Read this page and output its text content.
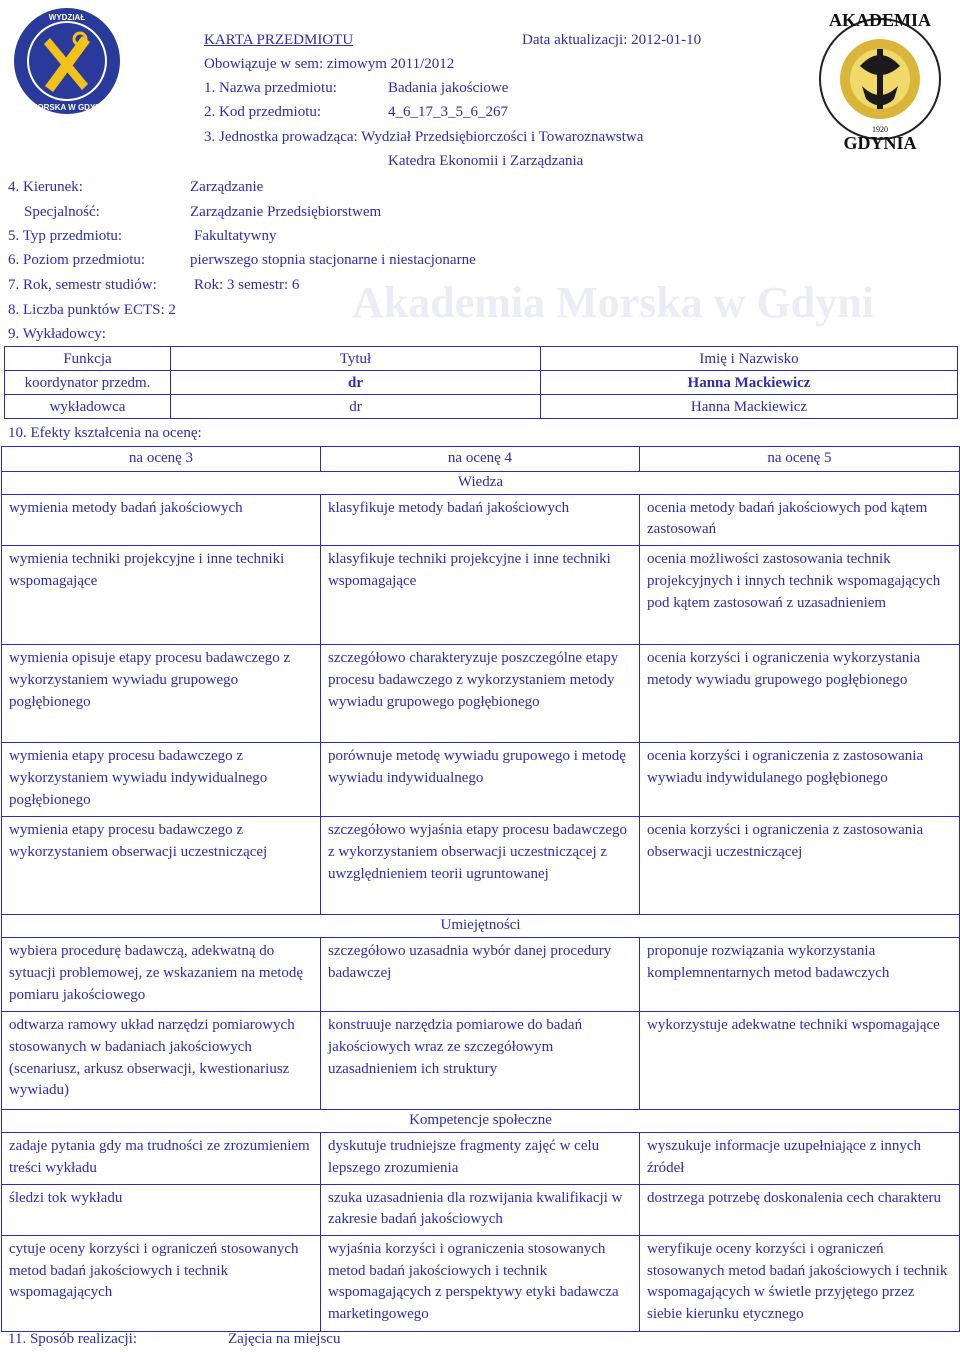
WYDZIAŁ
MORSKA W GDYNI
AKADEMIA
GDYNIA
1920
Akademia Morska w Gdyni
KARTA PRZEDMIOTU	Data aktualizacji: 2012-01-10
Obowiązuje w sem: zimowym 2011/2012
1. Nazwa przedmiotu:	Badania jakościowe
2. Kod przedmiotu:	4_6_17_3_5_6_267
3. Jednostka prowadząca: Wydział Przedsiębiorczości i Towaroznawstwa
Katedra Ekonomii i Zarządzania
4. Kierunek:	Zarządzanie
Specjalność:	Zarządzanie Przedsiębiorstwem
5. Typ przedmiotu:	Fakultatywny
6. Poziom przedmiotu:	pierwszego stopnia stacjonarne i niestacjonarne
7. Rok, semestr studiów: Rok: 3 semestr: 6
8. Liczba punktów ECTS: 2
9. Wykładowcy:
Funkcja	Tytuł	Imię i Nazwisko
koordynator przedm.	dr	Hanna Mackiewicz
wykładowca	dr	Hanna Mackiewicz
10. Efekty kształcenia na ocenę:
na ocenę 3	na ocenę 4	na ocenę 5
Wiedza		
wymienia metody badań jakościowych	klasyfikuje metody badań jakościowych	ocenia metody badań jakościowych pod kątem zastosowań
wymienia techniki projekcyjne i inne techniki wspomagające	klasyfikuje techniki projekcyjne i inne techniki wspomagające	ocenia możliwości zastosowania technik projekcyjnych i innych technik wspomagających pod kątem zastosowań z uzasadnieniem
wymienia opisuje etapy procesu badawczego z wykorzystaniem wywiadu grupowego pogłębionego	szczegółowo charakteryzuje poszczególne etapy procesu badawczego z wykorzystaniem metody wywiadu grupowego pogłębionego	ocenia korzyści i ograniczenia wykorzystania metody wywiadu grupowego pogłębionego
wymienia etapy procesu badawczego z wykorzystaniem wywiadu indywidualnego pogłębionego	porównuje metodę wywiadu grupowego i metodę wywiadu indywidualnego	ocenia korzyści i ograniczenia z zastosowania wywiadu indywidulanego pogłębionego
wymienia etapy procesu badawczego z wykorzystaniem obserwacji uczestniczącej	szczegółowo wyjaśnia etapy procesu badawczego z wykorzystaniem obserwacji uczestniczącej z uwzględnieniem teorii ugruntowanej	ocenia korzyści i ograniczenia z zastosowania obserwacji uczestniczącej
Umiejętności		
wybiera procedurę badawczą, adekwatną do sytuacji problemowej, ze wskazaniem na metodę pomiaru jakościowego	szczegółowo uzasadnia wybór danej procedury badawczej	proponuje rozwiązania wykorzystania komplemnentarnych metod badawczych
odtwarza ramowy układ narzędzi pomiarowych stosowanych w badaniach jakościowych (scenariusz, arkusz obserwacji, kwestionariusz wywiadu)	konstruuje narzędzia pomiarowe do badań jakościowych wraz ze szczegółowym uzasadnieniem ich struktury	wykorzystuje adekwatne techniki wspomagające
Kompetencje społeczne		
zadaje pytania gdy ma trudności ze zrozumieniem treści wykładu	dyskutuje trudniejsze fragmenty zajęć w celu lepszego zrozumienia	wyszukuje informacje uzupełniające z innych źródeł
śledzi tok wykładu	szuka uzasadnienia dla rozwijania kwalifikacji w zakresie badań jakościowych	dostrzega potrzebę doskonalenia cech charakteru
cytuje oceny korzyści i ograniczeń stosowanych metod badań jakościowych i technik wspomagających	wyjaśnia korzyści i ograniczenia stosowanych metod badań jakościowych i technik wspomagających z perspektywy etyki badawcza marketingowego	weryfikuje oceny korzyści i ograniczeń stosowanych metod badań jakościowych i technik wspomagających w świetle przyjętego przez siebie kierunku etycznego
11. Sposób realizacji:	Zajęcia na miejscu
